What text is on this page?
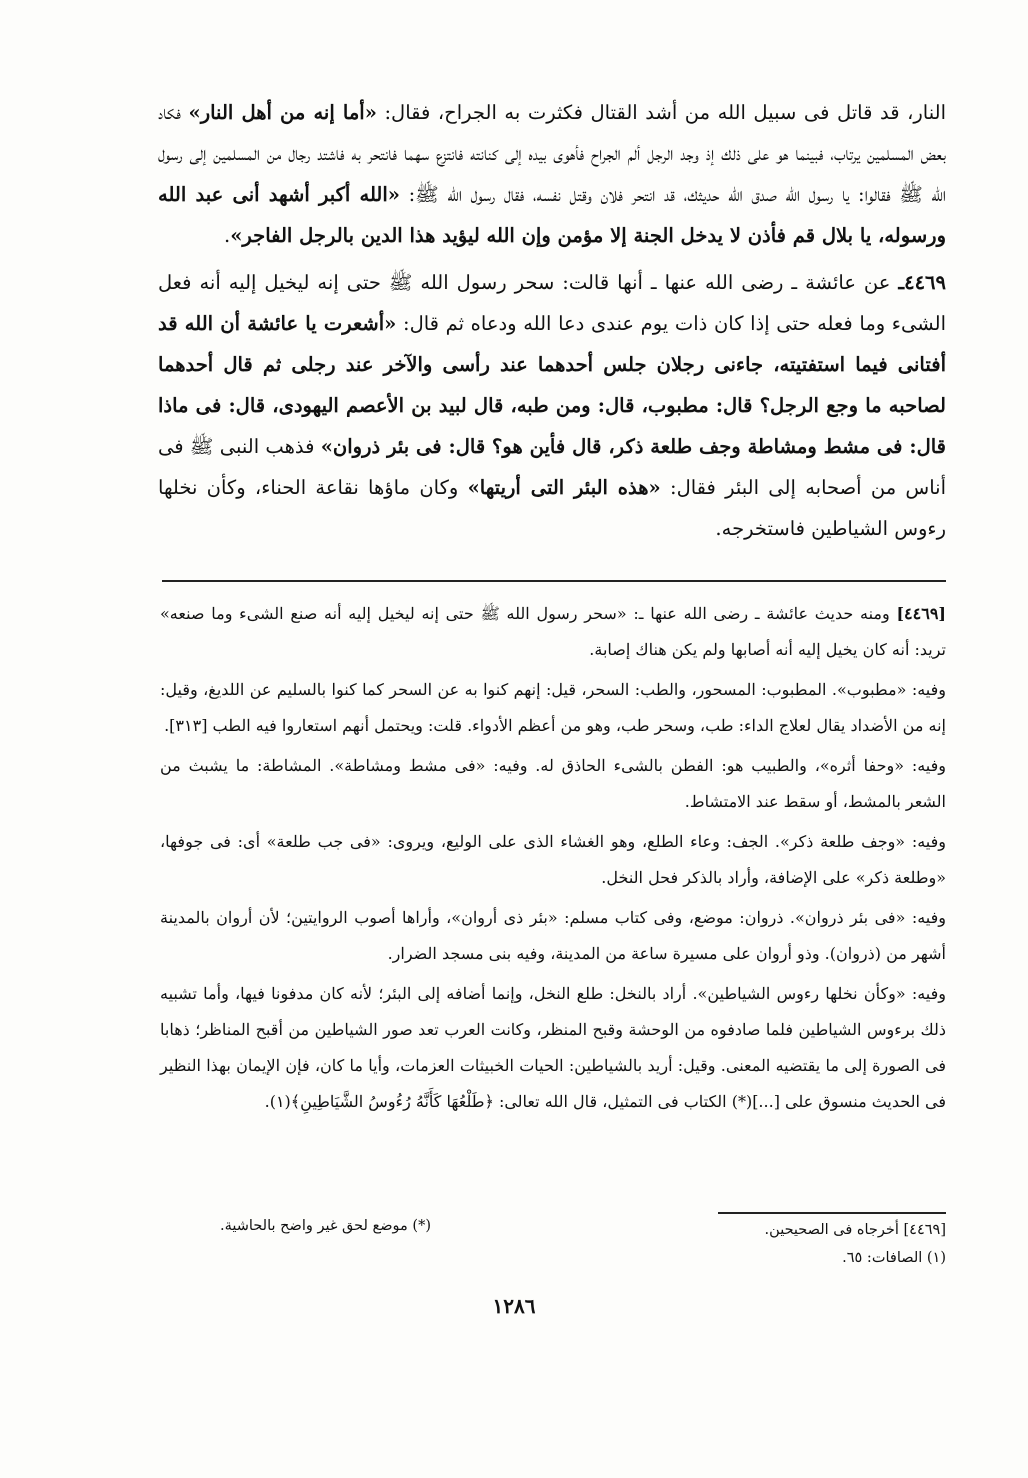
النار، قد قاتل فى سبيل الله من أشد القتال فكثرت به الجراح، فقال: «أما إنه من أهل النار» فكاد بعض المسلمين يرتاب، فبينما هو على ذلك إذ وجد الرجل ألم الجراح فأهوى بيده إلى كنانته فانتزع سهما فانتحر به فاشتد رجال من المسلمين إلى رسول الله ﷺ فقالوا: يا رسول الله صدق الله حديثك، قد انتحر فلان وقتل نفسه، فقال رسول الله ﷺ: «الله أكبر أشهد أنى عبد الله ورسوله، يا بلال قم فأذن لا يدخل الجنة إلا مؤمن وإن الله ليؤيد هذا الدين بالرجل الفاجر».

٤٤٦٩ـ عن عائشة ـ رضى الله عنها ـ أنها قالت: سحر رسول الله ﷺ حتى إنه ليخيل إليه أنه فعل الشىء وما فعله حتى إذا كان ذات يوم عندى دعا الله ودعاه ثم قال: «أشعرت يا عائشة أن الله قد أفتانى فيما استفتيته، جاءنى رجلان جلس أحدهما عند رأسى والآخر عند رجلى ثم قال أحدهما لصاحبه ما وجع الرجل؟ قال: مطبوب، قال: ومن طبه، قال لبيد بن الأعصم اليهودى، قال: فى ماذا قال: فى مشط ومشاطة وجف طلعة ذكر، قال فأين هو؟ قال: فى بئر ذروان» فذهب النبى ﷺ فى أناس من أصحابه إلى البئر فقال: «هذه البئر التى أريتها» وكان ماؤها نقاعة الحناء، وكأن نخلها رءوس الشياطين فاستخرجه.

[٤٤٦٩] ومنه حديث عائشة ـ رضى الله عنها ـ: «سحر رسول الله ﷺ حتى إنه ليخيل إليه أنه صنع الشىء وما صنعه» تريد: أنه كان يخيل إليه أنه أصابها ولم يكن هناك إصابة.

وفيه: «مطبوب». المطبوب: المسحور، والطب: السحر، قيل: إنهم كنوا به عن السحر كما كنوا بالسليم عن اللديغ، وقيل: إنه من الأضداد يقال لعلاج الداء: طب، وسحر طب، وهو من أعظم الأدواء. قلت: ويحتمل أنهم استعاروا فيه الطب [٣١٣].

وفيه: «وحفا أثره»، والطبيب هو: الفطن بالشىء الحاذق له. وفيه: «فى مشط ومشاطة». المشاطة: ما يشبث من الشعر بالمشط، أو سقط عند الامتشاط.

وفيه: «وجف طلعة ذكر». الجف: وعاء الطلع، وهو الغشاء الذى على الوليع، ويروى: «فى جب طلعة» أى: فى جوفها، «وطلعة ذكر» على الإضافة، وأراد بالذكر فحل النخل.

وفيه: «فى بئر ذروان». ذروان: موضع، وفى كتاب مسلم: «بئر ذى أروان»، وأراها أصوب الروايتين؛ لأن أروان بالمدينة أشهر من (ذروان). وذو أروان على مسيرة ساعة من المدينة، وفيه بنى مسجد الضرار.

وفيه: «وكأن نخلها رءوس الشياطين». أراد بالنخل: طلع النخل، وإنما أضافه إلى البئر؛ لأنه كان مدفونا فيها، وأما تشبيه ذلك برءوس الشياطين فلما صادفوه من الوحشة وقبح المنظر، وكانت العرب تعد صور الشياطين من أقبح المناظر؛ ذهابا فى الصورة إلى ما يقتضيه المعنى. وقيل: أريد بالشياطين: الحيات الخبيثات العزمات، وأيا ما كان، فإن الإيمان بهذا النظير فى الحديث منسوق على [...](*) الكتاب فى التمثيل، قال الله تعالى: ﴿طَلْعُهَا كَأَنَّهُ رُءُوسُ الشَّيَاطِينِ﴾(١).

[٤٤٦٩] أخرجاه فى الصحيحين.
(١) الصافات: ٦٥.
(*) موضع لحق غير واضح بالحاشية.
١٢٨٦
